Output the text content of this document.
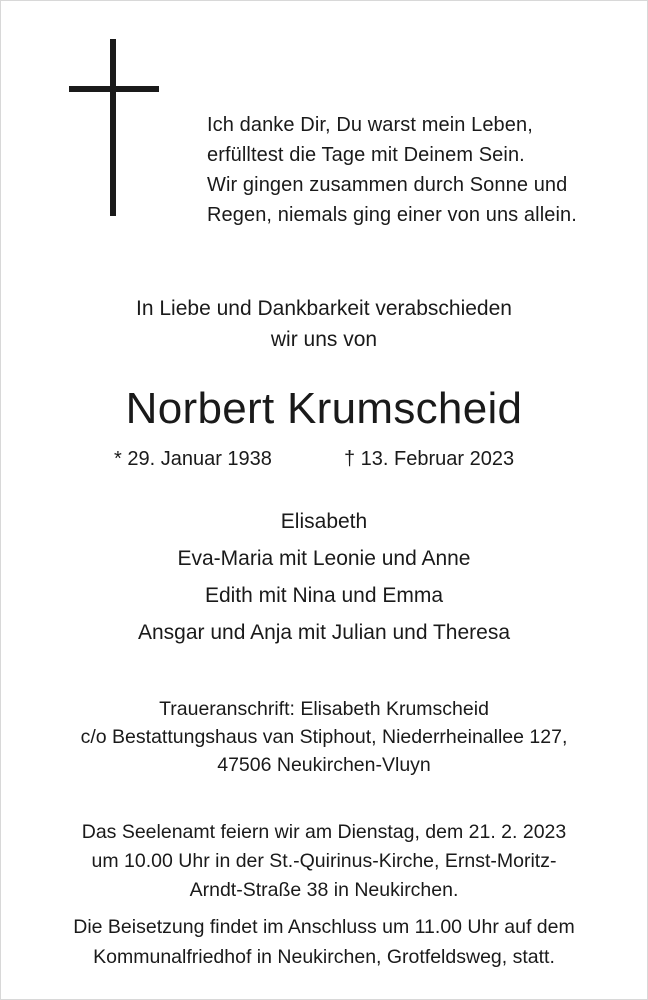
Ich danke Dir, Du warst mein Leben,
erfülltest die Tage mit Deinem Sein.
Wir gingen zusammen durch Sonne und
Regen, niemals ging einer von uns allein.
In Liebe und Dankbarkeit verabschieden
wir uns von
Norbert Krumscheid
* 29. Januar 1938	† 13. Februar 2023
Elisabeth
Eva-Maria mit Leonie und Anne
Edith mit Nina und Emma
Ansgar und Anja mit Julian und Theresa
Traueranschrift: Elisabeth Krumscheid
c/o Bestattungshaus van Stiphout, Niederrheinallee 127,
47506 Neukirchen-Vluyn
Das Seelenamt feiern wir am Dienstag, dem 21. 2. 2023
um 10.00 Uhr in der St.-Quirinus-Kirche, Ernst-Moritz-
Arndt-Straße 38 in Neukirchen.
Die Beisetzung findet im Anschluss um 11.00 Uhr auf dem
Kommunalfriedhof in Neukirchen, Grotfeldsweg, statt.
